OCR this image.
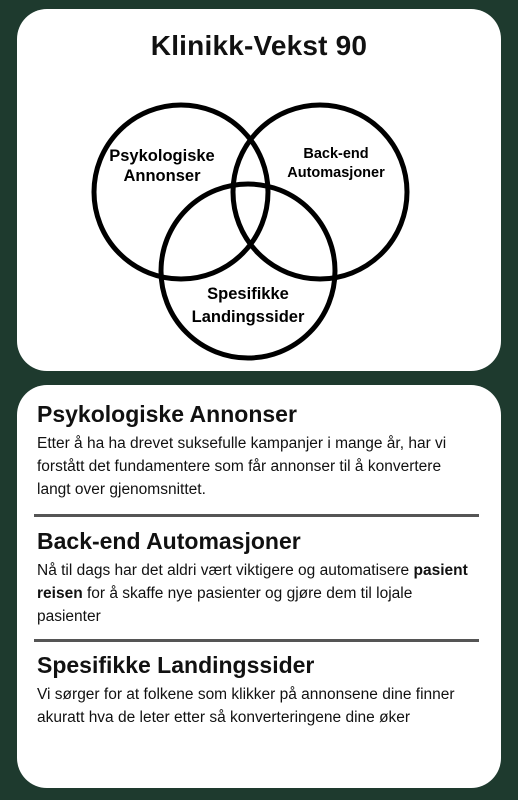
Klinikk-Vekst 90
Psykologiske
Annonser
Back-end
Automasjoner
Spesifikke
Landingssider
Psykologiske Annonser

Etter å ha ha drevet suksefulle kampanjer i mange år, har vi forstått det fundamentere som får annonser til å konvertere langt over gjenomsnittet.

Back-end Automasjoner

Nå til dags har det aldri vært viktigere og automatisere pasient reisen for å skaffe nye pasienter og gjøre dem til lojale pasienter

Spesifikke Landingssider

Vi sørger for at folkene som klikker på annonsene dine finner akuratt hva de leter etter så konverteringene dine øker
